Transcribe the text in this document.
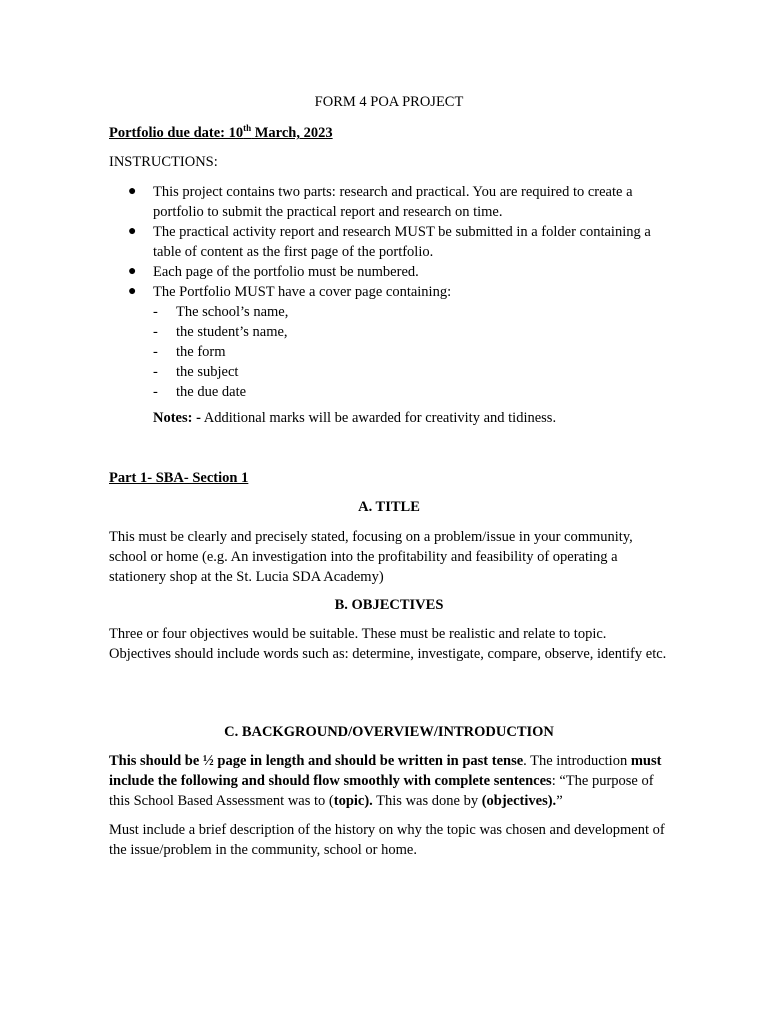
FORM 4 POA PROJECT

Portfolio due date: 10th March, 2023

INSTRUCTIONS:

● This project contains two parts: research and practical. You are required to create a portfolio to submit the practical report and research on time.
● The practical activity report and research MUST be submitted in a folder containing a table of content as the first page of the portfolio.
● Each page of the portfolio must be numbered.
● The Portfolio MUST have a cover page containing:
- The school’s name,
- the student’s name,
- the form
- the subject
- the due date

Notes: - Additional marks will be awarded for creativity and tidiness.

Part 1- SBA- Section 1

A. TITLE

This must be clearly and precisely stated, focusing on a problem/issue in your community, school or home (e.g. An investigation into the profitability and feasibility of operating a stationery shop at the St. Lucia SDA Academy)

B. OBJECTIVES

Three or four objectives would be suitable. These must be realistic and relate to topic. Objectives should include words such as: determine, investigate, compare, observe, identify etc.

C. BACKGROUND/OVERVIEW/INTRODUCTION

This should be ½ page in length and should be written in past tense. The introduction must include the following and should flow smoothly with complete sentences: “The purpose of this School Based Assessment was to (topic). This was done by (objectives).”

Must include a brief description of the history on why the topic was chosen and development of the issue/problem in the community, school or home.
